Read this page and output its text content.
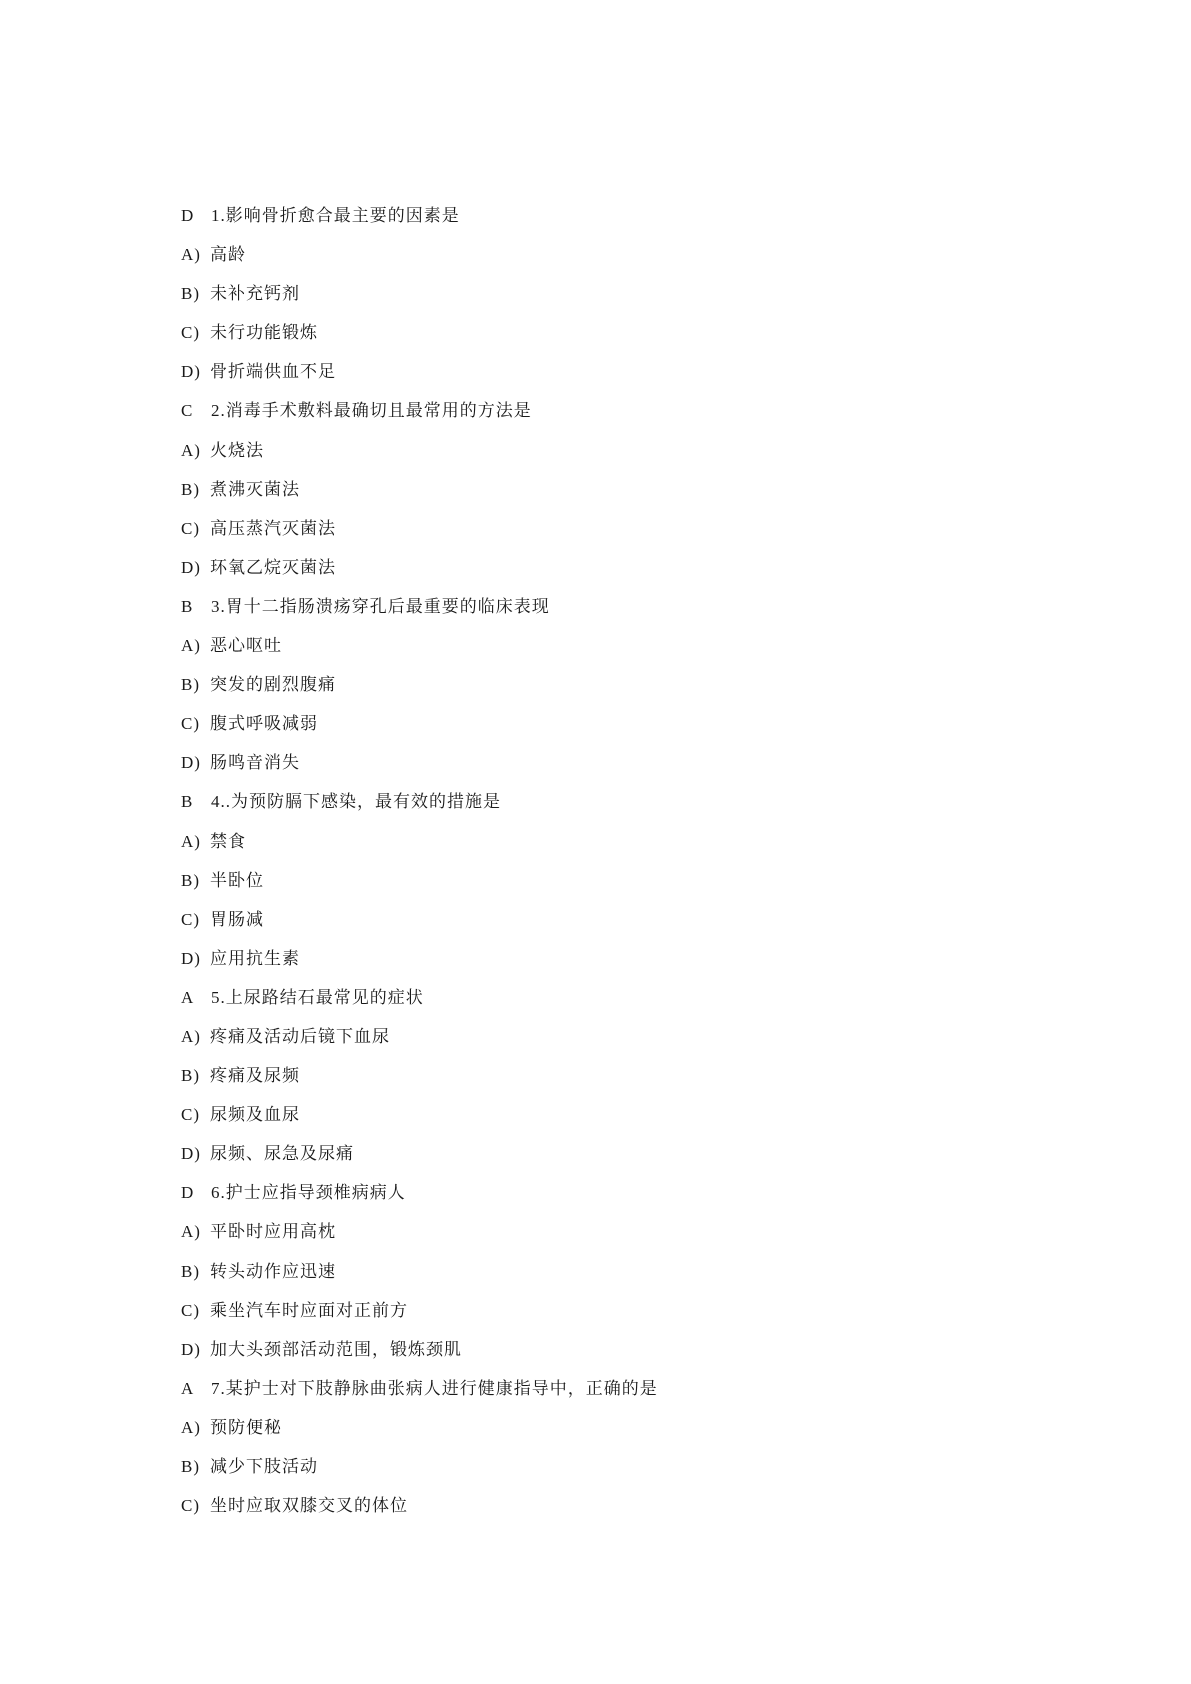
D 1.影响骨折愈合最主要的因素是
A) 高龄
B) 未补充钙剂
C) 未行功能锻炼
D) 骨折端供血不足
C 2.消毒手术敷料最确切且最常用的方法是
A) 火烧法
B) 煮沸灭菌法
C) 高压蒸汽灭菌法
D) 环氧乙烷灭菌法
B 3.胃十二指肠溃疡穿孔后最重要的临床表现
A) 恶心呕吐
B) 突发的剧烈腹痛
C) 腹式呼吸减弱
D) 肠鸣音消失
B 4..为预防膈下感染，最有效的措施是
A) 禁食
B) 半卧位
C) 胃肠减
D) 应用抗生素
A 5.上尿路结石最常见的症状
A) 疼痛及活动后镜下血尿
B) 疼痛及尿频
C) 尿频及血尿
D) 尿频、尿急及尿痛
D 6.护士应指导颈椎病病人
A) 平卧时应用高枕
B) 转头动作应迅速
C) 乘坐汽车时应面对正前方
D) 加大头颈部活动范围，锻炼颈肌
A 7.某护士对下肢静脉曲张病人进行健康指导中，正确的是
A) 预防便秘
B) 减少下肢活动
C) 坐时应取双膝交叉的体位
